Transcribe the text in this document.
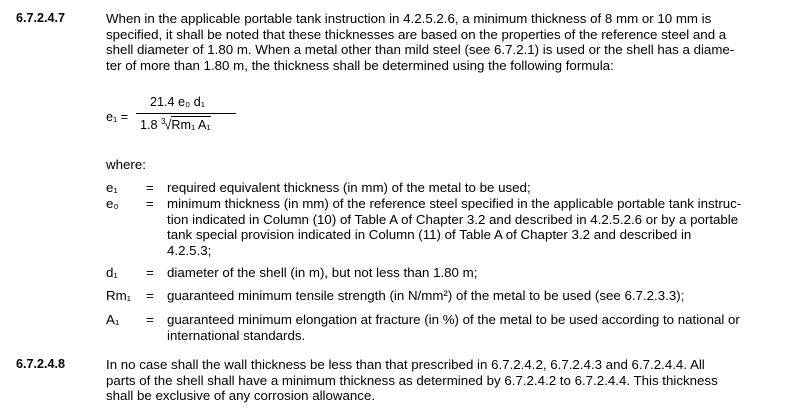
6.7.2.4.7	When in the applicable portable tank instruction in 4.2.5.2.6, a minimum thickness of 8 mm or 10 mm is
specified, it shall be noted that these thicknesses are based on the properties of the reference steel and a
shell diameter of 1.80 m. When a metal other than mild steel (see 6.7.2.1) is used or the shell has a diame-
ter of more than 1.80 m, the thickness shall be determined using the following formula:
e₁ =
21.4 e₀ d₁
1.8 $^3$√Rm₁ A₁
where:
e₁	= required equivalent thickness (in mm) of the metal to be used;
e₀	= minimum thickness (in mm) of the reference steel specified in the applicable portable tank instruc-
tion indicated in Column (10) of Table A of Chapter 3.2 and described in 4.2.5.2.6 or by a portable
tank special provision indicated in Column (11) of Table A of Chapter 3.2 and described in
4.2.5.3;
d₁	= diameter of the shell (in m), but not less than 1.80 m;
Rm₁	= guaranteed minimum tensile strength (in N/mm²) of the metal to be used (see 6.7.2.3.3);
A₁	= guaranteed minimum elongation at fracture (in %) of the metal to be used according to national or
international standards.
6.7.2.4.8	In no case shall the wall thickness be less than that prescribed in 6.7.2.4.2, 6.7.2.4.3 and 6.7.2.4.4. All
parts of the shell shall have a minimum thickness as determined by 6.7.2.4.2 to 6.7.2.4.4. This thickness
shall be exclusive of any corrosion allowance.
